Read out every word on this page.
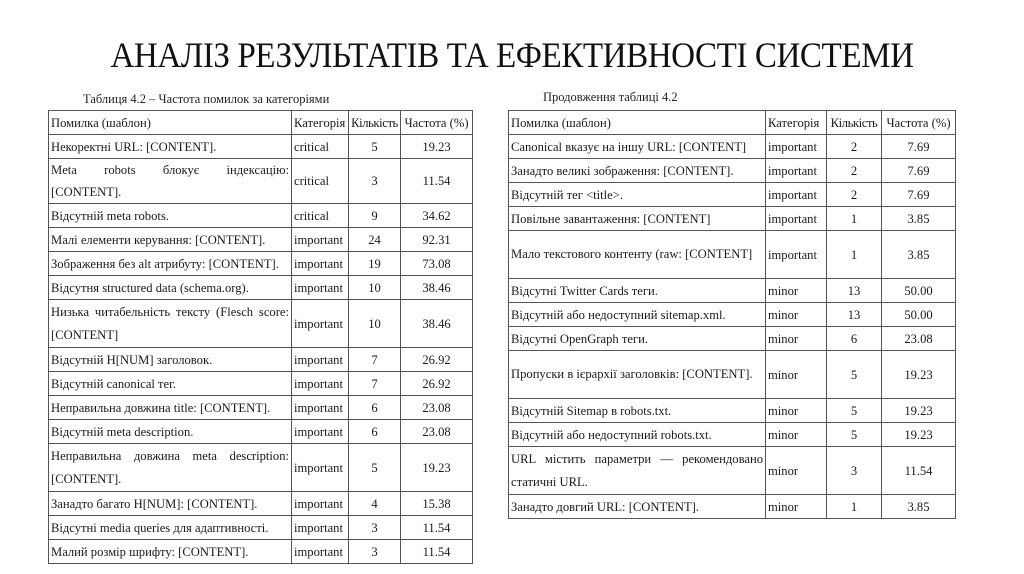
АНАЛІЗ РЕЗУЛЬТАТІВ ТА ЕФЕКТИВНОСТІ СИСТЕМИ
Таблиця 4.2 – Частота помилок за категоріями	Продовження таблиці 4.2
Помилка (шаблон)	Категорія	Кількість	Частота (%)
Некоректні URL: [CONTENT].	critical	5	19.23
Meta robots блокує індексацію: [CONTENT].	critical	3	11.54
Відсутній meta robots.	critical	9	34.62
Малі елементи керування: [CONTENT].	important	24	92.31
Зображення без alt атрибуту: [CONTENT].	important	19	73.08
Відсутня structured data (schema.org).	important	10	38.46
Низька читабельність тексту (Flesch score: [CONTENT]	important	10	38.46
Відсутній H[NUM] заголовок.	important	7	26.92
Відсутній canonical тег.	important	7	26.92
Неправильна довжина title: [CONTENT].	important	6	23.08
Відсутній meta description.	important	6	23.08
Неправильна довжина meta description: [CONTENT].	important	5	19.23
Занадто багато H[NUM]: [CONTENT].	important	4	15.38
Відсутні media queries для адаптивності.	important	3	11.54
Малий розмір шрифту: [CONTENT].	important	3	11.54
Помилка (шаблон)	Категорія	Кількість	Частота (%)
Canonical вказує на іншу URL: [CONTENT]	important	2	7.69
Занадто великі зображення: [CONTENT].	important	2	7.69
Відсутній тег <title>.	important	2	7.69
Повільне завантаження: [CONTENT]	important	1	3.85
Мало текстового контенту (raw: [CONTENT]	important	1	3.85
Відсутні Twitter Cards теги.	minor	13	50.00
Відсутній або недоступний sitemap.xml.	minor	13	50.00
Відсутні OpenGraph теги.	minor	6	23.08
Пропуски в ієрархії заголовків: [CONTENT].	minor	5	19.23
Відсутній Sitemap в robots.txt.	minor	5	19.23
Відсутній або недоступний robots.txt.	minor	5	19.23
URL містить параметри — рекомендовано статичні URL.	minor	3	11.54
Занадто довгий URL: [CONTENT].	minor	1	3.85
